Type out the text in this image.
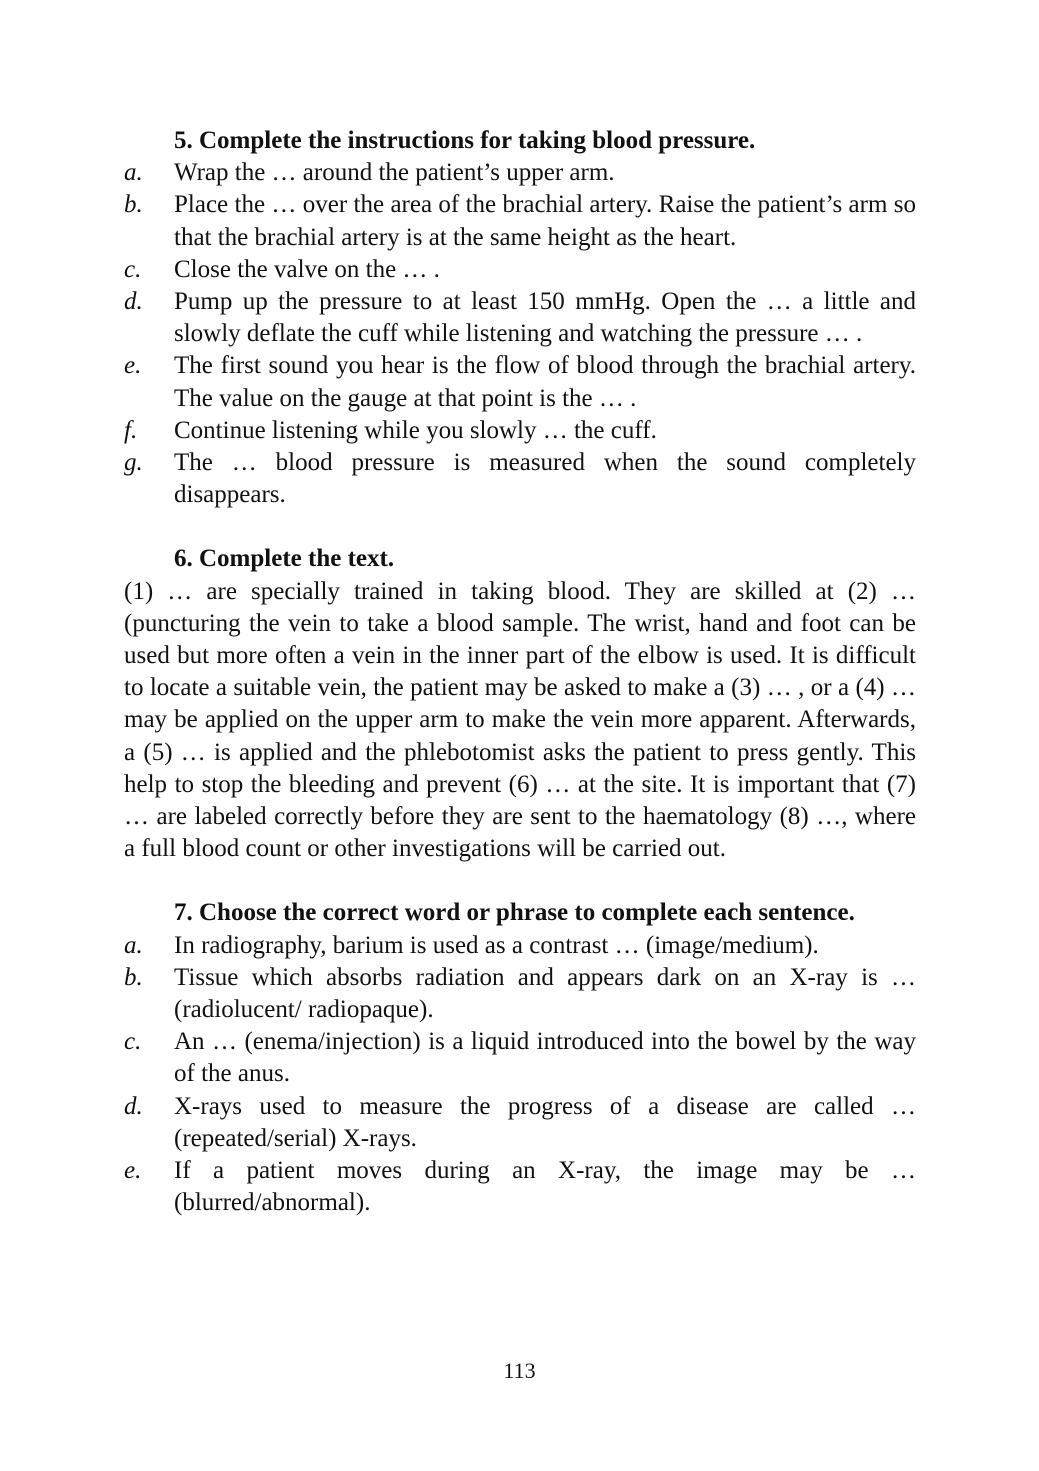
5. Complete the instructions for taking blood pressure.

a.	Wrap the … around the patient’s upper arm.
b.	Place the … over the area of the brachial artery. Raise the patient’s arm so that the brachial artery is at the same height as the heart.
c.	Close the valve on the … .
d.	Pump up the pressure to at least 150 mmHg. Open the … a little and slowly deflate the cuff while listening and watching the pressure … .
e.	The first sound you hear is the flow of blood through the brachial artery. The value on the gauge at that point is the … .
f.	Continue listening while you slowly … the cuff.
g.	The … blood pressure is measured when the sound completely disappears.

6. Complete the text.

(1) … are specially trained in taking blood. They are skilled at (2) … (puncturing the vein to take a blood sample. The wrist, hand and foot can be used but more often a vein in the inner part of the elbow is used. It is difficult to locate a suitable vein, the patient may be asked to make a (3) … , or a (4) … may be applied on the upper arm to make the vein more apparent. Afterwards, a (5) … is applied and the phlebotomist asks the patient to press gently. This help to stop the bleeding and prevent (6) … at the site. It is important that (7) … are labeled correctly before they are sent to the haematology (8) …, where a full blood count or other investigations will be carried out.

7. Choose the correct word or phrase to complete each sentence.

a.	In radiography, barium is used as a contrast … (image/medium).
b.	Tissue which absorbs radiation and appears dark on an X-ray is … (radiolucent/ radiopaque).
c.	An … (enema/injection) is a liquid introduced into the bowel by the way of the anus.
d.	X-rays used to measure the progress of a disease are called … (repeated/serial) X-rays.
e.	If a patient moves during an X-ray, the image may be … (blurred/abnormal).
113
